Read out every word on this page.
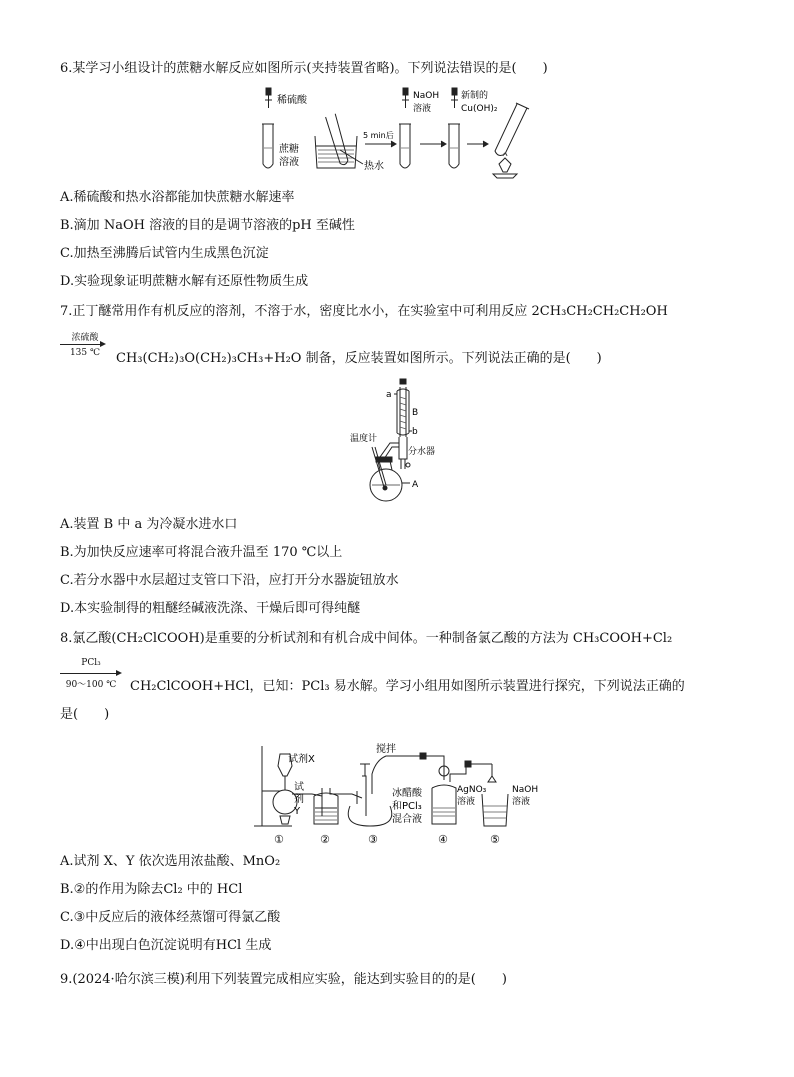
6.某学习小组设计的蔗糖水解反应如图所示(夹持装置省略)。下列说法错误的是(　　)
稀硫酸
蔗糖
溶液
5 min后
热水
NaOH
溶液
新制的
Cu(OH)₂
A.稀硫酸和热水浴都能加快蔗糖水解速率
B.滴加 NaOH 溶液的目的是调节溶液的pH 至碱性
C.加热至沸腾后试管内生成黑色沉淀
D.实验现象证明蔗糖水解有还原性物质生成
7.正丁醚常用作有机反应的溶剂，不溶于水，密度比水小，在实验室中可利用反应 2CH₃CH₂CH₂CH₂OH
浓硫酸
135 ℃	CH₃(CH₂)₃O(CH₂)₃CH₃+H₂O 制备，反应装置如图所示。下列说法正确的是(　　)
a
B
b
温度计
分水器
A
A.装置 B 中 a 为冷凝水进水口
B.为加快反应速率可将混合液升温至 170 ℃以上
C.若分水器中水层超过支管口下沿，应打开分水器旋钮放水
D.本实验制得的粗醚经碱液洗涤、干燥后即可得纯醚
8.氯乙酸(CH₂ClCOOH)是重要的分析试剂和有机合成中间体。一种制备氯乙酸的方法为 CH₃COOH+Cl₂
PCl₃
90～100 ℃	CH₂ClCOOH+HCl，已知：PCl₃ 易水解。学习小组用如图所示装置进行探究，下列说法正确的
是(　　)
试剂X
试
剂
Y
搅拌
冰醋酸
和PCl₃
混合液
AgNO₃
溶液
NaOH
溶液
①	②	③	④	⑤
A.试剂 X、Y 依次选用浓盐酸、MnO₂
B.②的作用为除去Cl₂ 中的 HCl
C.③中反应后的液体经蒸馏可得氯乙酸
D.④中出现白色沉淀说明有HCl 生成
9.(2024·哈尔滨三模)利用下列装置完成相应实验，能达到实验目的的是(　　)
